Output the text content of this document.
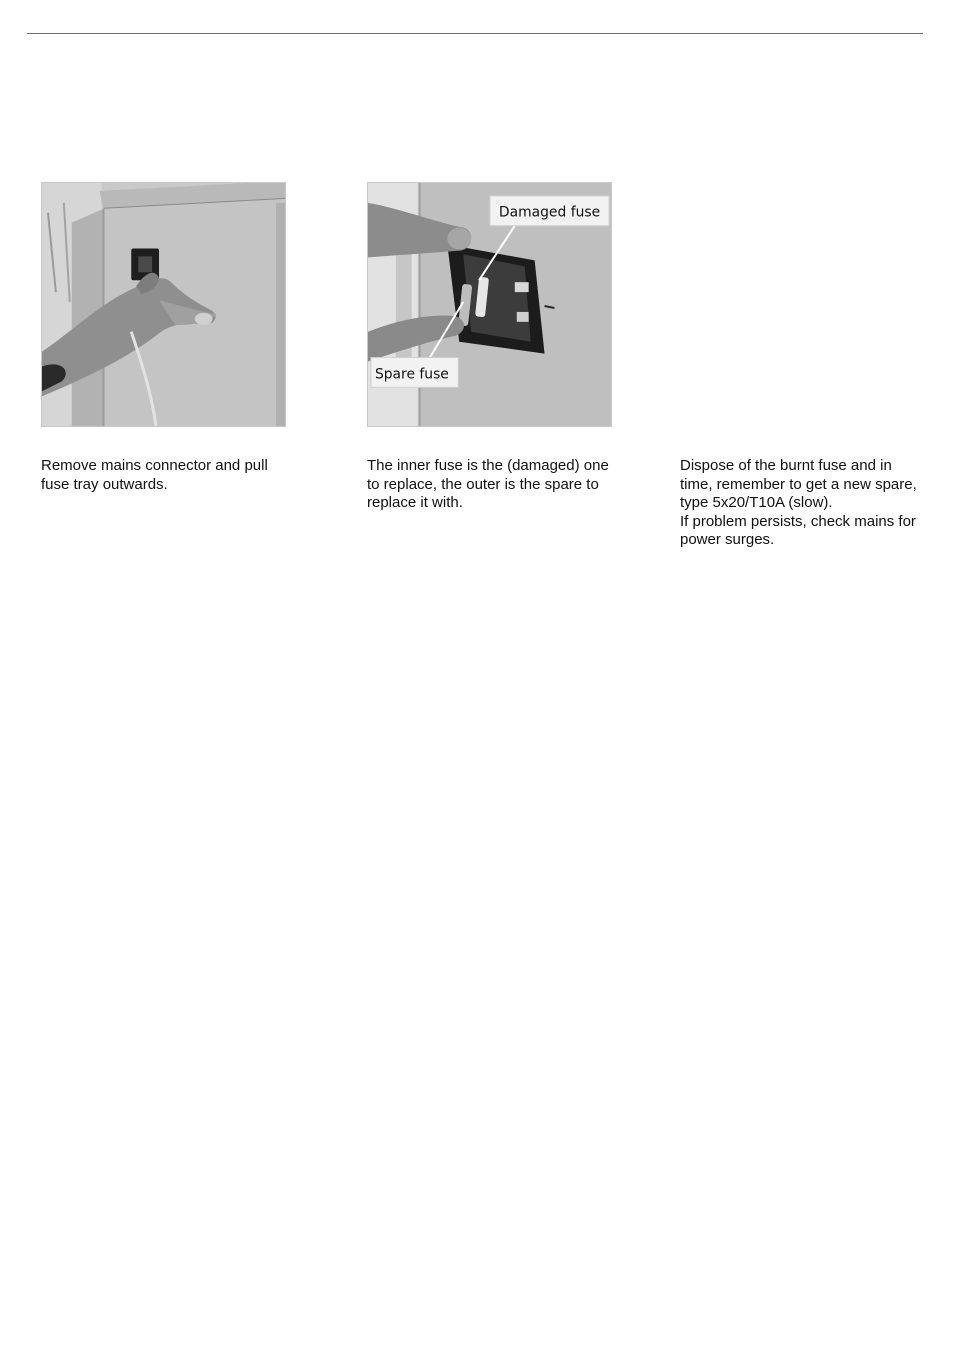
Damaged fuse
Spare fuse

Remove mains connector and pull fuse tray outwards.

The inner fuse is the (damaged) one to replace, the outer is the spare to replace it with.

Dispose of the burnt fuse and in time, remember to get a new spare, type 5x20/T10A (slow).
If problem persists, check mains for power surges.
